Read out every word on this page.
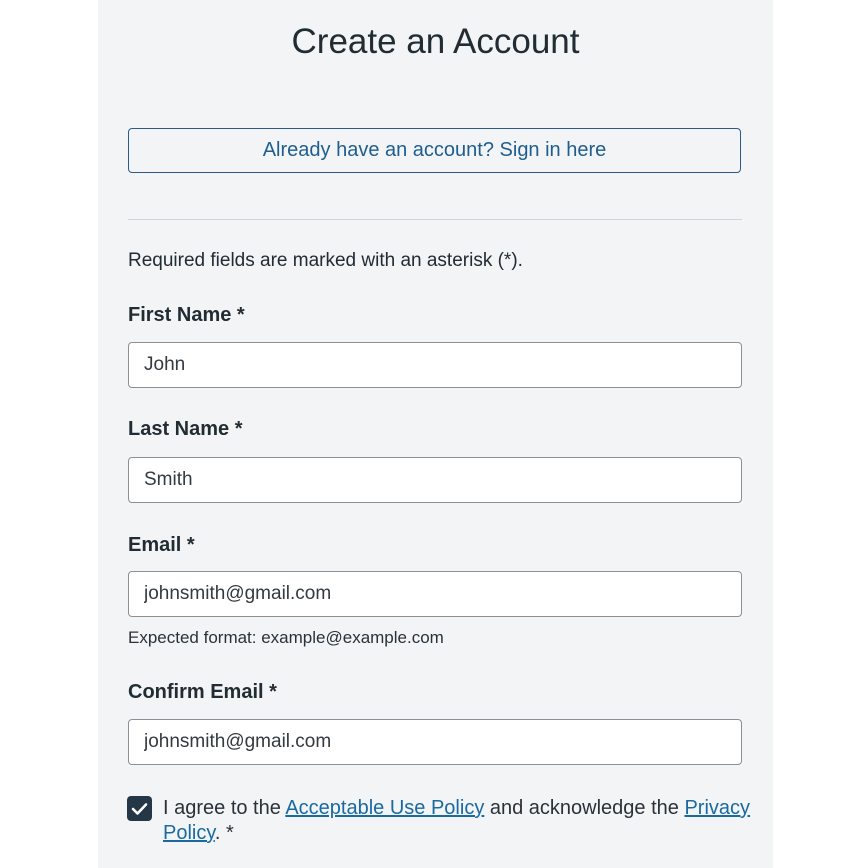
Create an Account
Already have an account? Sign in here
Required fields are marked with an asterisk (*).
First Name *
John
Last Name *
Smith
Email *
johnsmith@gmail.com
Expected format: example@example.com
Confirm Email *
johnsmith@gmail.com
I agree to the Acceptable Use Policy and acknowledge the Privacy Policy. *
